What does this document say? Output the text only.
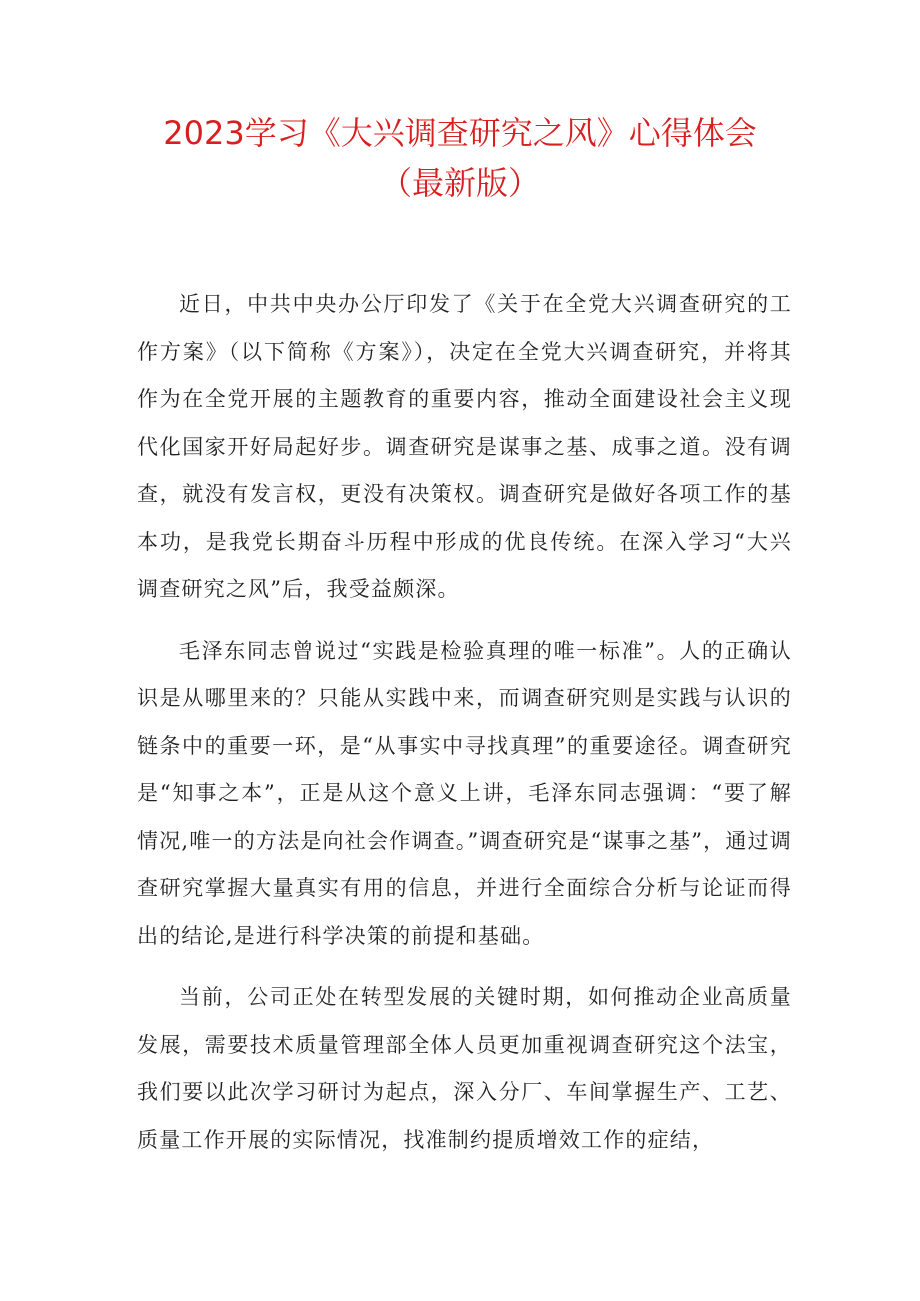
2023学习《大兴调查研究之风》心得体会
（最新版）

近日，中共中央办公厅印发了《关于在全党大兴调查研究的工作方案》（以下简称《方案》），决定在全党大兴调查研究，并将其作为在全党开展的主题教育的重要内容，推动全面建设社会主义现代化国家开好局起好步。调查研究是谋事之基、成事之道。没有调查，就没有发言权，更没有决策权。调查研究是做好各项工作的基本功，是我党长期奋斗历程中形成的优良传统。在深入学习“大兴调查研究之风”后，我受益颇深。

毛泽东同志曾说过“实践是检验真理的唯一标准”。人的正确认识是从哪里来的？只能从实践中来，而调查研究则是实践与认识的链条中的重要一环，是“从事实中寻找真理”的重要途径。调查研究是“知事之本”，正是从这个意义上讲，毛泽东同志强调：“要了解情况,唯一的方法是向社会作调查。”调查研究是“谋事之基”，通过调查研究掌握大量真实有用的信息，并进行全面综合分析与论证而得出的结论,是进行科学决策的前提和基础。

当前，公司正处在转型发展的关键时期，如何推动企业高质量发展，需要技术质量管理部全体人员更加重视调查研究这个法宝，我们要以此次学习研讨为起点，深入分厂、车间掌握生产、工艺、质量工作开展的实际情况，找准制约提质增效工作的症结，
